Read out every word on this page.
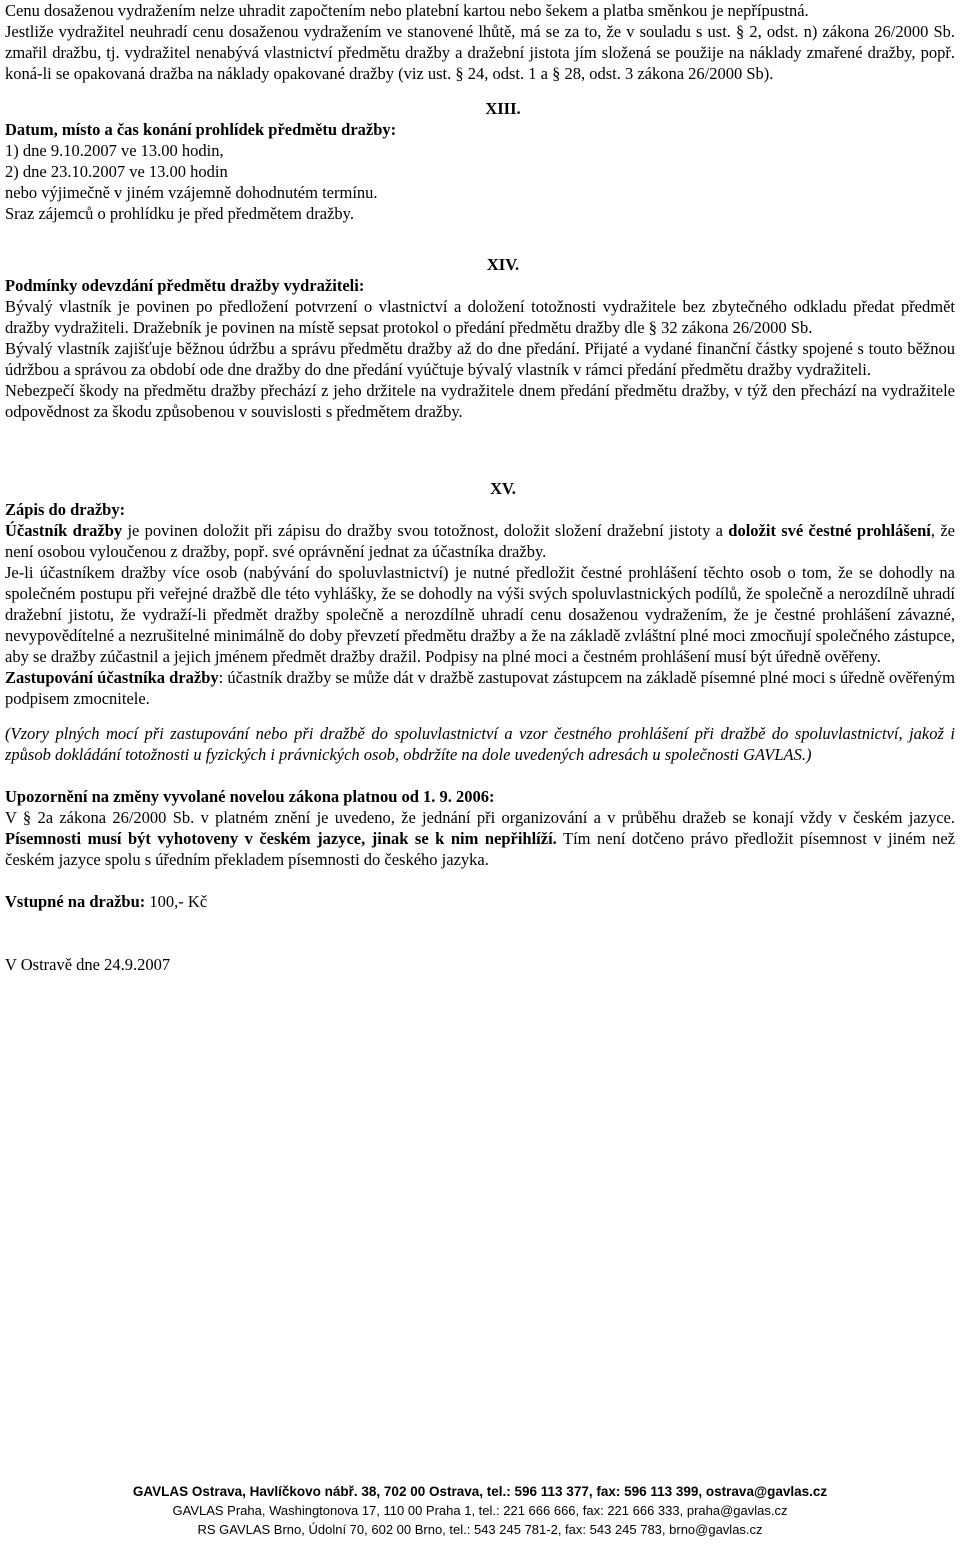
Cenu dosaženou vydražením nelze uhradit započtením nebo platební kartou nebo šekem a platba směnkou je nepřípustná.

Jestliže vydražitel neuhradí cenu dosaženou vydražením ve stanovené lhůtě, má se za to, že v souladu s ust. § 2, odst. n) zákona 26/2000 Sb. zmařil dražbu, tj. vydražitel nenabývá vlastnictví předmětu dražby a dražební jistota jím složená se použije na náklady zmařené dražby, popř. koná-li se opakovaná dražba na náklady opakované dražby (viz ust. § 24, odst. 1 a § 28, odst. 3 zákona 26/2000 Sb).

XIII.

Datum, místo a čas konání prohlídek předmětu dražby:

1) dne 9.10.2007 ve 13.00 hodin,

2) dne 23.10.2007 ve 13.00 hodin

nebo výjimečně v jiném vzájemně dohodnutém termínu.

Sraz zájemců o prohlídku je před předmětem dražby.

XIV.

Podmínky odevzdání předmětu dražby vydražiteli:

Bývalý vlastník je povinen po předložení potvrzení o vlastnictví a doložení totožnosti vydražitele bez zbytečného odkladu předat předmět dražby vydražiteli. Dražebník je povinen na místě sepsat protokol o předání předmětu dražby dle § 32 zákona 26/2000 Sb.

Bývalý vlastník zajišťuje běžnou údržbu a správu předmětu dražby až do dne předání. Přijaté a vydané finanční částky spojené s touto běžnou údržbou a správou za období ode dne dražby do dne předání vyúčtuje bývalý vlastník v rámci předání předmětu dražby vydražiteli.

Nebezpečí škody na předmětu dražby přechází z jeho držitele na vydražitele dnem předání předmětu dražby, v týž den přechází na vydražitele odpovědnost za škodu způsobenou v souvislosti s předmětem dražby.

XV.

Zápis do dražby:

Účastník dražby je povinen doložit při zápisu do dražby svou totožnost, doložit složení dražební jistoty a doložit své čestné prohlášení, že není osobou vyloučenou z dražby, popř. své oprávnění jednat za účastníka dražby.

Je-li účastníkem dražby více osob (nabývání do spoluvlastnictví) je nutné předložit čestné prohlášení těchto osob o tom, že se dohodly na společném postupu při veřejné dražbě dle této vyhlášky, že se dohodly na výši svých spoluvlastnických podílů, že společně a nerozdílně uhradí dražební jistotu, že vydraží-li předmět dražby společně a nerozdílně uhradí cenu dosaženou vydražením, že je čestné prohlášení závazné, nevypovědítelné a nezrušitelné minimálně do doby převzetí předmětu dražby a že na základě zvláštní plné moci zmocňují společného zástupce, aby se dražby zúčastnil a jejich jménem předmět dražby dražil. Podpisy na plné moci a čestném prohlášení musí být úředně ověřeny.

Zastupování účastníka dražby: účastník dražby se může dát v dražbě zastupovat zástupcem na základě písemné plné moci s úředně ověřeným podpisem zmocnitele.

(Vzory plných mocí při zastupování nebo při dražbě do spoluvlastnictví a vzor čestného prohlášení při dražbě do spoluvlastnictví, jakož i způsob dokládání totožnosti u fyzických i právnických osob, obdržíte na dole uvedených adresách u společnosti GAVLAS.)

Upozornění na změny vyvolané novelou zákona platnou od 1. 9. 2006:

V § 2a zákona 26/2000 Sb. v platném znění je uvedeno, že jednání při organizování a v průběhu dražeb se konají vždy v českém jazyce. Písemnosti musí být vyhotoveny v českém jazyce, jinak se k nim nepřihlíží. Tím není dotčeno právo předložit písemnost v jiném než českém jazyce spolu s úředním překladem písemnosti do českého jazyka.

Vstupné na dražbu: 100,- Kč

V Ostravě dne 24.9.2007

GAVLAS Ostrava, Havlíčkovo nábř. 38, 702 00 Ostrava, tel.: 596 113 377, fax: 596 113 399, ostrava@gavlas.cz
GAVLAS Praha, Washingtonova 17, 110 00 Praha 1, tel.: 221 666 666, fax: 221 666 333, praha@gavlas.cz
RS GAVLAS Brno, Údolní 70, 602 00 Brno, tel.: 543 245 781-2, fax: 543 245 783, brno@gavlas.cz
